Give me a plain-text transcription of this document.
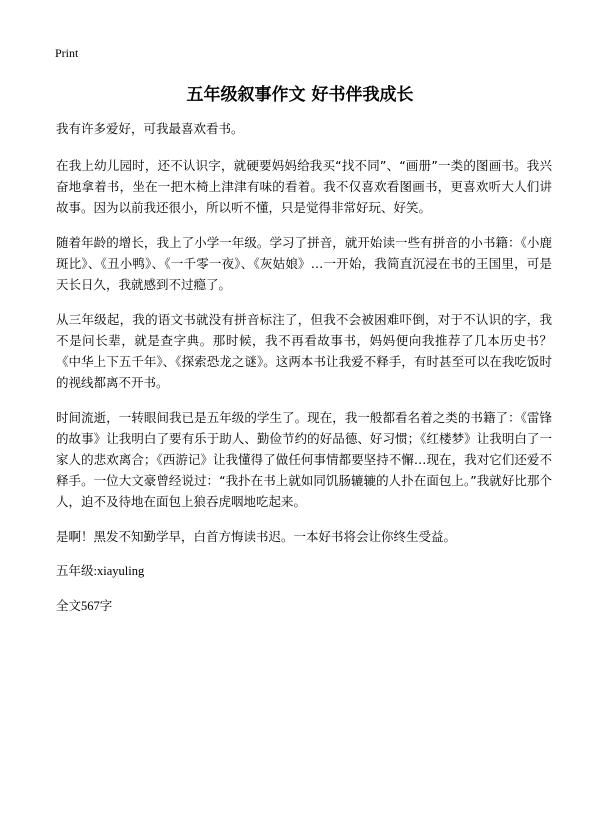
Print
五年级叙事作文 好书伴我成长

我有许多爱好，可我最喜欢看书。

在我上幼儿园时，还不认识字，就硬要妈妈给我买“找不同”、“画册”一类的图画书。我兴奋地拿着书，坐在一把木椅上津津有味的看着。我不仅喜欢看图画书，更喜欢听大人们讲故事。因为以前我还很小，所以听不懂，只是觉得非常好玩、好笑。

随着年龄的增长，我上了小学一年级。学习了拼音，就开始读一些有拼音的小书籍：《小鹿斑比》、《丑小鸭》、《一千零一夜》、《灰姑娘》…一开始，我简直沉浸在书的王国里，可是天长日久，我就感到不过瘾了。

从三年级起，我的语文书就没有拼音标注了，但我不会被困难吓倒，对于不认识的字，我不是问长辈，就是查字典。那时候，我不再看故事书，妈妈便向我推荐了几本历史书？《中华上下五千年》、《探索恐龙之谜》。这两本书让我爱不释手，有时甚至可以在我吃饭时的视线都离不开书。

时间流逝，一转眼间我已是五年级的学生了。现在，我一般都看名着之类的书籍了：《雷锋的故事》让我明白了要有乐于助人、勤俭节约的好品德、好习惯；《红楼梦》让我明白了一家人的悲欢离合；《西游记》让我懂得了做任何事情都要坚持不懈…现在，我对它们还爱不释手。一位大文豪曾经说过：“我扑在书上就如同饥肠辘辘的人扑在面包上。”我就好比那个人，迫不及待地在面包上狼吞虎咽地吃起来。

是啊！黑发不知勤学早，白首方悔读书迟。一本好书将会让你终生受益。

五年级:xiayuling

全文567字
